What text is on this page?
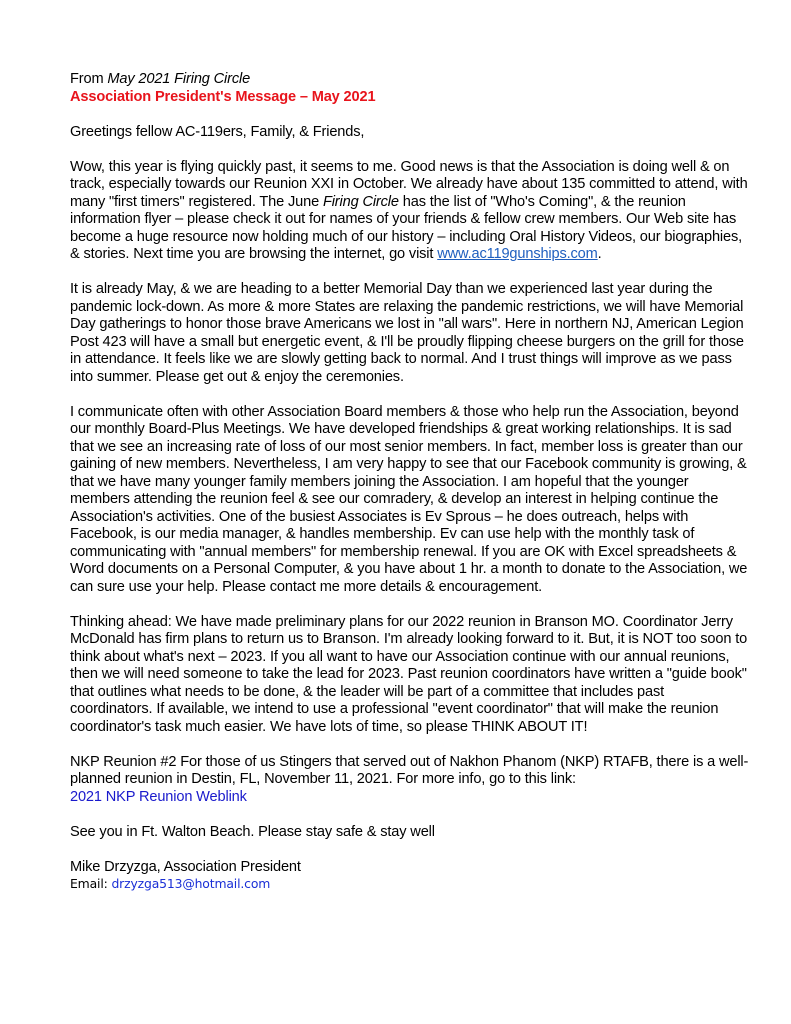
From May 2021 Firing Circle

Association President's Message – May 2021

Greetings fellow AC-119ers, Family, & Friends,

Wow, this year is flying quickly past, it seems to me. Good news is that the Association is doing well & on track, especially towards our Reunion XXI in October. We already have about 135 committed to attend, with many "first timers" registered. The June Firing Circle has the list of "Who's Coming", & the reunion information flyer – please check it out for names of your friends & fellow crew members. Our Web site has become a huge resource now holding much of our history – including Oral History Videos, our biographies, & stories. Next time you are browsing the internet, go visit www.ac119gunships.com.

It is already May, & we are heading to a better Memorial Day than we experienced last year during the pandemic lock-down. As more & more States are relaxing the pandemic restrictions, we will have Memorial Day gatherings to honor those brave Americans we lost in "all wars". Here in northern NJ, American Legion Post 423 will have a small but energetic event, & I'll be proudly flipping cheese burgers on the grill for those in attendance. It feels like we are slowly getting back to normal. And I trust things will improve as we pass into summer. Please get out & enjoy the ceremonies.

I communicate often with other Association Board members & those who help run the Association, beyond our monthly Board-Plus Meetings. We have developed friendships & great working relationships. It is sad that we see an increasing rate of loss of our most senior members. In fact, member loss is greater than our gaining of new members. Nevertheless, I am very happy to see that our Facebook community is growing, & that we have many younger family members joining the Association. I am hopeful that the younger members attending the reunion feel & see our comradery, & develop an interest in helping continue the Association's activities. One of the busiest Associates is Ev Sprous – he does outreach, helps with Facebook, is our media manager, & handles membership. Ev can use help with the monthly task of communicating with "annual members" for membership renewal. If you are OK with Excel spreadsheets & Word documents on a Personal Computer, & you have about 1 hr. a month to donate to the Association, we can sure use your help. Please contact me more details & encouragement.

Thinking ahead: We have made preliminary plans for our 2022 reunion in Branson MO. Coordinator Jerry McDonald has firm plans to return us to Branson. I'm already looking forward to it. But, it is NOT too soon to think about what's next – 2023. If you all want to have our Association continue with our annual reunions, then we will need someone to take the lead for 2023. Past reunion coordinators have written a "guide book" that outlines what needs to be done, & the leader will be part of a committee that includes past coordinators. If available, we intend to use a professional "event coordinator" that will make the reunion coordinator's task much easier. We have lots of time, so please THINK ABOUT IT!

NKP Reunion #2 For those of us Stingers that served out of Nakhon Phanom (NKP) RTAFB, there is a well-planned reunion in Destin, FL, November 11, 2021. For more info, go to this link:
2021 NKP Reunion Weblink

See you in Ft. Walton Beach. Please stay safe & stay well

Mike Drzyzga, Association President

Email: drzyzga513@hotmail.com
